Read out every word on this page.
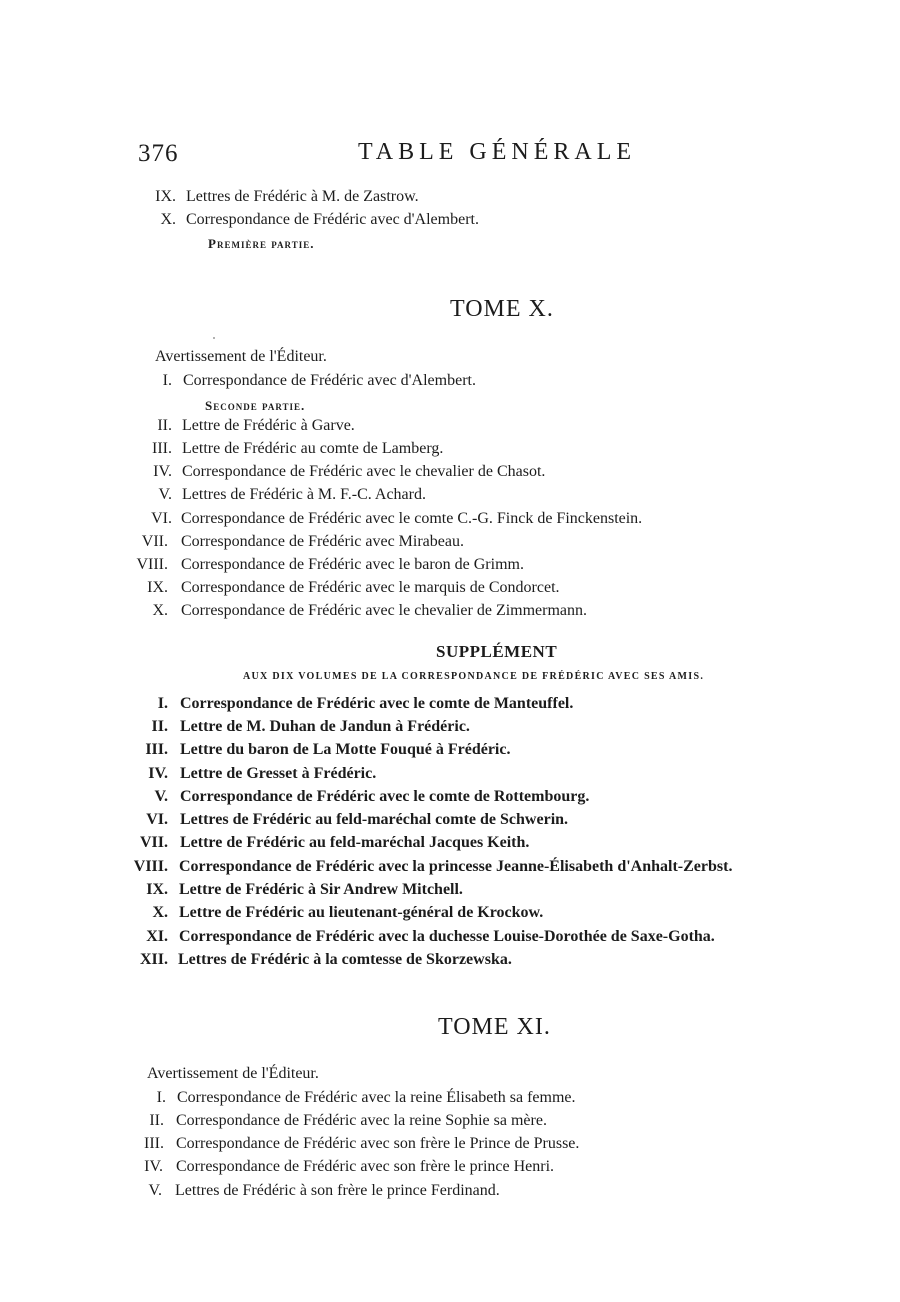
376	TABLE GÉNÉRALE
IX. Lettres de Frédéric à M. de Zastrow.
X. Correspondance de Frédéric avec d'Alembert.
Première partie.
TOME X.
Avertissement de l'Éditeur.
I. Correspondance de Frédéric avec d'Alembert.
Seconde partie.
II. Lettre de Frédéric à Garve.
III. Lettre de Frédéric au comte de Lamberg.
IV. Correspondance de Frédéric avec le chevalier de Chasot.
V. Lettres de Frédéric à M. F.-C. Achard.
VI. Correspondance de Frédéric avec le comte C.-G. Finck de Finckenstein.
VII. Correspondance de Frédéric avec Mirabeau.
VIII. Correspondance de Frédéric avec le baron de Grimm.
IX. Correspondance de Frédéric avec le marquis de Condorcet.
X. Correspondance de Frédéric avec le chevalier de Zimmermann.
SUPPLÉMENT
AUX DIX VOLUMES DE LA CORRESPONDANCE DE FRÉDÉRIC AVEC SES AMIS.
I. Correspondance de Frédéric avec le comte de Manteuffel.
II. Lettre de M. Duhan de Jandun à Frédéric.
III. Lettre du baron de La Motte Fouqué à Frédéric.
IV. Lettre de Gresset à Frédéric.
V. Correspondance de Frédéric avec le comte de Rottembourg.
VI. Lettres de Frédéric au feld-maréchal comte de Schwerin.
VII. Lettre de Frédéric au feld-maréchal Jacques Keith.
VIII. Correspondance de Frédéric avec la princesse Jeanne-Élisabeth d'Anhalt-Zerbst.
IX. Lettre de Frédéric à Sir Andrew Mitchell.
X. Lettre de Frédéric au lieutenant-général de Krockow.
XI. Correspondance de Frédéric avec la duchesse Louise-Dorothée de Saxe-Gotha.
XII. Lettres de Frédéric à la comtesse de Skorzewska.
TOME XI.
Avertissement de l'Éditeur.
I. Correspondance de Frédéric avec la reine Élisabeth sa femme.
II. Correspondance de Frédéric avec la reine Sophie sa mère.
III. Correspondance de Frédéric avec son frère le Prince de Prusse.
IV. Correspondance de Frédéric avec son frère le prince Henri.
V. Lettres de Frédéric à son frère le prince Ferdinand.
